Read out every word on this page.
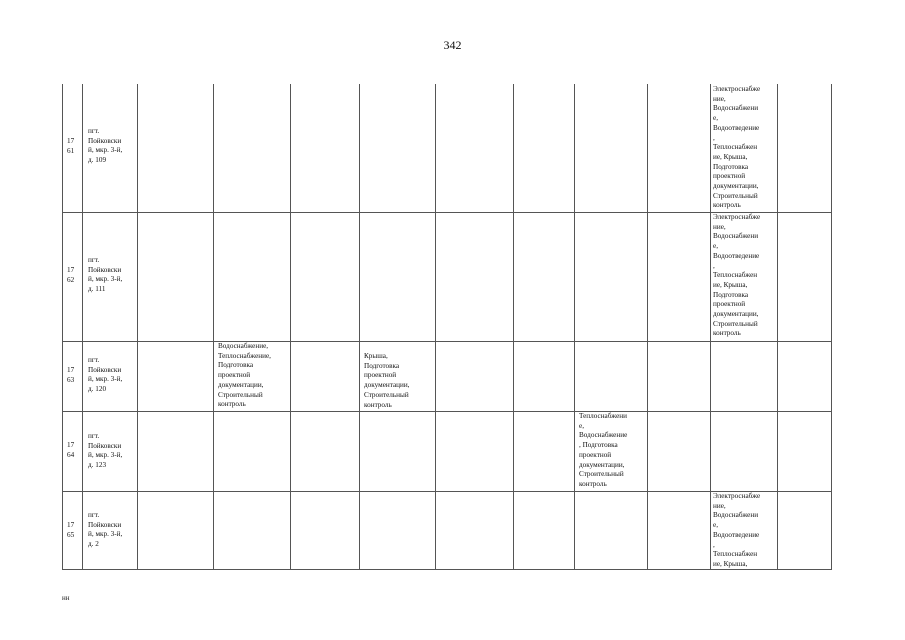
342
17
61
пгт.
Пойковски
й, мкр. 3-й,
д. 109
Электроснабже
ние,
Водоснабжени
е,
Водоотведение
,
Теплоснабжен
ие, Крыша,
Подготовка
проектной
документации,
Строительный
контроль
17
62
пгт.
Пойковски
й, мкр. 3-й,
д. 111
Электроснабже
ние,
Водоснабжени
е,
Водоотведение
,
Теплоснабжен
ие, Крыша,
Подготовка
проектной
документации,
Строительный
контроль
17
63
пгт.
Пойковски
й, мкр. 3-й,
д. 120
Водоснабжение,
Теплоснабжение,
Подготовка
проектной
документации,
Строительный
контроль
Крыша,
Подготовка
проектной
документации,
Строительный
контроль
17
64
пгт.
Пойковски
й, мкр. 3-й,
д. 123
Теплоснабжени
е,
Водоснабжение
, Подготовка
проектной
документации,
Строительный
контроль
17
65
пгт.
Пойковски
й, мкр. 3-й,
д. 2
Электроснабже
ние,
Водоснабжени
е,
Водоотведение
,
Теплоснабжен
ие, Крыша,
нн
